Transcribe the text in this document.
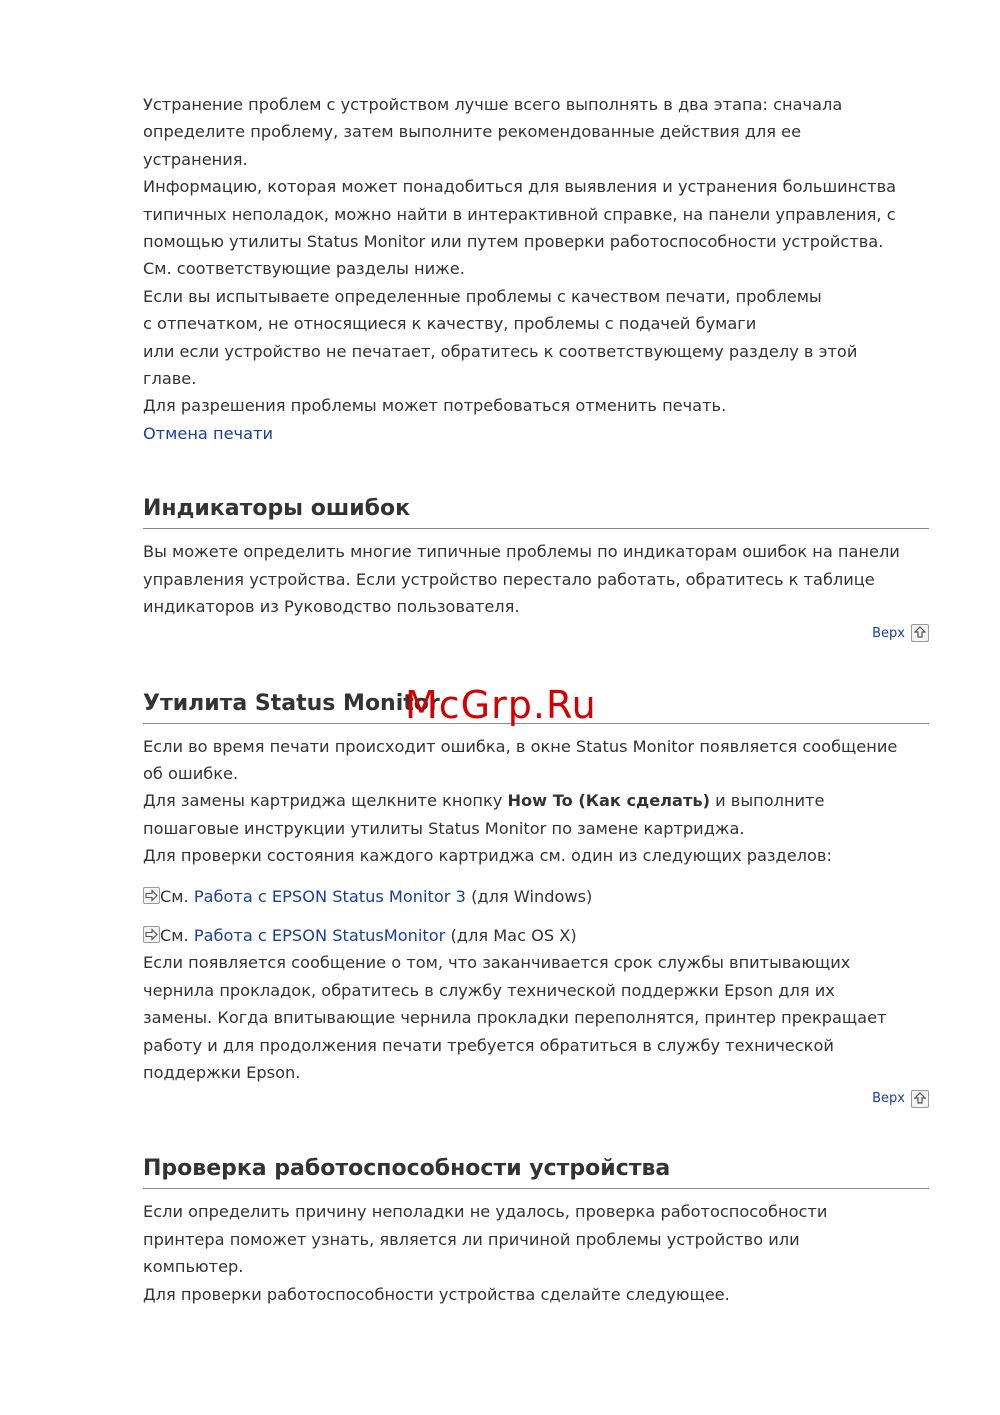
Устранение проблем с устройством лучше всего выполнять в два этапа: сначала

определите проблему, затем выполните рекомендованные действия для ее

устранения.

Информацию, которая может понадобиться для выявления и устранения большинства

типичных неполадок, можно найти в интерактивной справке, на панели управления, с

помощью утилиты Status Monitor или путем проверки работоспособности устройства.

См. соответствующие разделы ниже.

Если вы испытываете определенные проблемы с качеством печати, проблемы

с отпечатком, не относящиеся к качеству, проблемы с подачей бумаги

или если устройство не печатает, обратитесь к соответствующему разделу в этой

главе.

Для разрешения проблемы может потребоваться отменить печать.

Отмена печати

Индикаторы ошибок

Вы можете определить многие типичные проблемы по индикаторам ошибок на панели

управления устройства. Если устройство перестало работать, обратитесь к таблице

индикаторов из Руководство пользователя.

Верх
Утилита Status Monitor

Если во время печати происходит ошибка, в окне Status Monitor появляется сообщение

об ошибке.

Для замены картриджа щелкните кнопку How To (Как сделать) и выполните

пошаговые инструкции утилиты Status Monitor по замене картриджа.

Для проверки состояния каждого картриджа см. один из следующих разделов:

См. Работа с EPSON Status Monitor 3 (для Windows)

См. Работа с EPSON StatusMonitor (для Mac OS X)

Если появляется сообщение о том, что заканчивается срок службы впитывающих

чернила прокладок, обратитесь в службу технической поддержки Epson для их

замены. Когда впитывающие чернила прокладки переполнятся, принтер прекращает

работу и для продолжения печати требуется обратиться в службу технической

поддержки Epson.

Верх
Проверка работоспособности устройства

Если определить причину неполадки не удалось, проверка работоспособности

принтера поможет узнать, является ли причиной проблемы устройство или

компьютер.

Для проверки работоспособности устройства сделайте следующее.

McGrp.Ru
